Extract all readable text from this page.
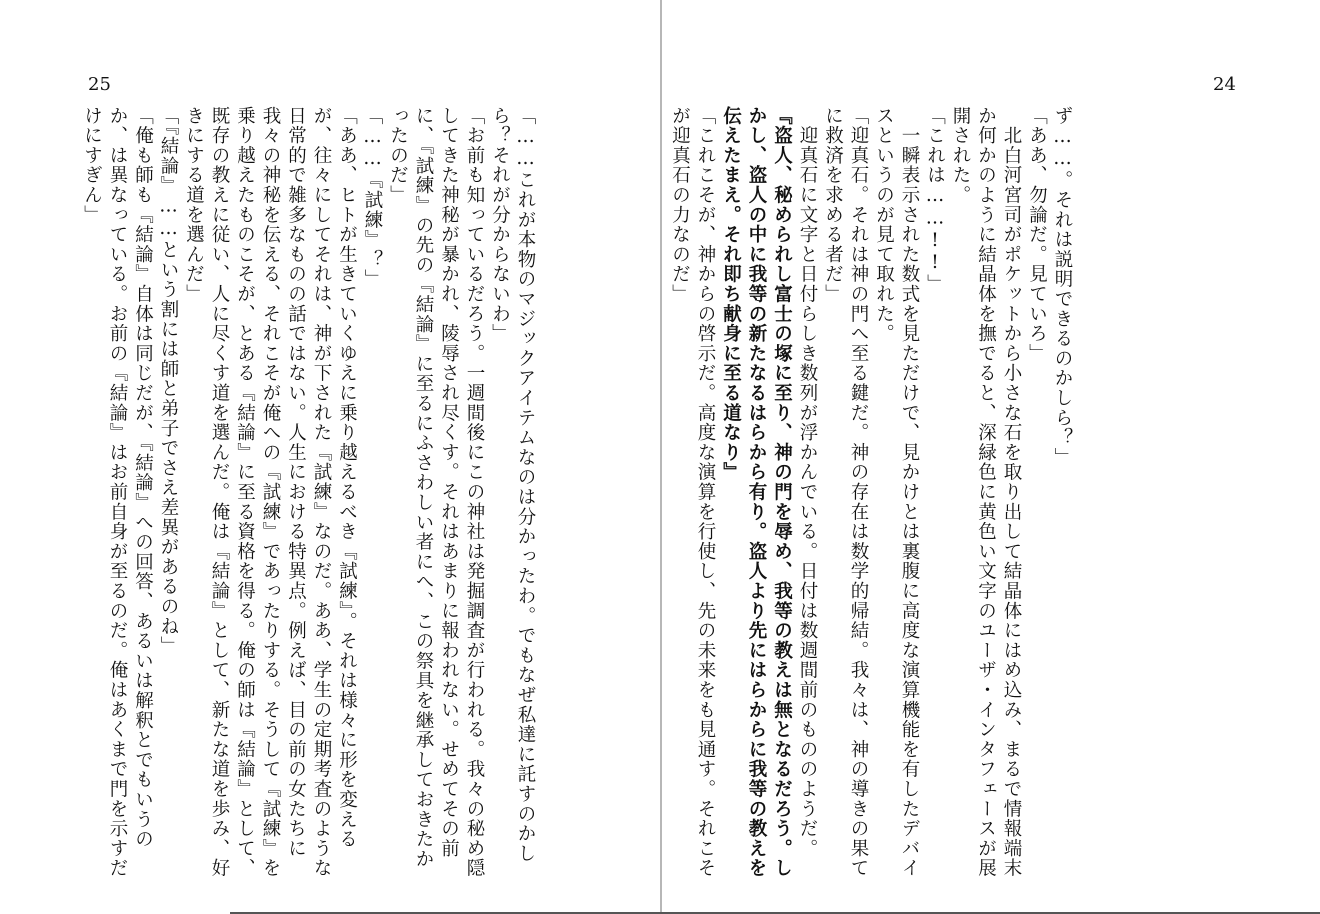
25

「……これが本物のマジックアイテムなのは分かったわ。でもなぜ私達に託すのかしら？それが分からないわ」

「お前も知っているだろう。一週間後にこの神社は発掘調査が行われる。我々の秘め隠してきた神秘が暴かれ、陵辱され尽くす。それはあまりに報われない。せめてその前に、『試練』の先の『結論』に至るにふさわしい者にへ、この祭具を継承しておきたかったのだ」

「……『試練』？」

「ああ、ヒトが生きていくゆえに乗り越えるべき『試練』。それは様々に形を変えるが、往々にしてそれは、神が下された『試練』なのだ。ああ、学生の定期考査のような日常的で雑多なものの話ではない。人生における特異点。例えば、目の前の女たちに我々の神秘を伝える、それこそが俺への『試練』であったりする。そうして『試練』を乗り越えたものこそが、とある『結論』に至る資格を得る。俺の師は『結論』として、既存の教えに従い、人に尽くす道を選んだ。俺は『結論』として、新たな道を歩み、好きにする道を選んだ」

「『結論』……という割には師と弟子でさえ差異があるのね」

「俺も師も『結論』自体は同じだが、『結論』への回答、あるいは解釈とでもいうのか、は異なっている。お前の『結論』はお前自身が至るのだ。俺はあくまで門を示すだけにすぎん」

24

ず……。それは説明できるのかしら？」

「ああ、勿論だ。見ていろ」

　北白河宮司がポケットから小さな石を取り出して結晶体にはめ込み、まるで情報端末か何かのように結晶体を撫でると、深緑色に黄色い文字のユーザ・インタフェースが展開された。

「これは……!!」

　一瞬表示された数式を見ただけで、見かけとは裏腹に高度な演算機能を有したデバイスというのが見て取れた。

「迎真石。それは神の門へ至る鍵だ。神の存在は数学的帰結。我々は、神の導きの果てに救済を求める者だ」

　迎真石に文字と日付らしき数列が浮かんでいる。日付は数週間前のもののようだ。

『盗人、秘められし富士の塚に至り、神の門を辱め、我等の教えは無となるだろう。しかし、盗人の中に我等の新たなるはらから有り。盗人より先にはらからに我等の教えを伝えたまえ。それ即ち献身に至る道なり』

「これこそが、神からの啓示だ。高度な演算を行使し、先の未来をも見通す。それこそが迎真石の力なのだ」
